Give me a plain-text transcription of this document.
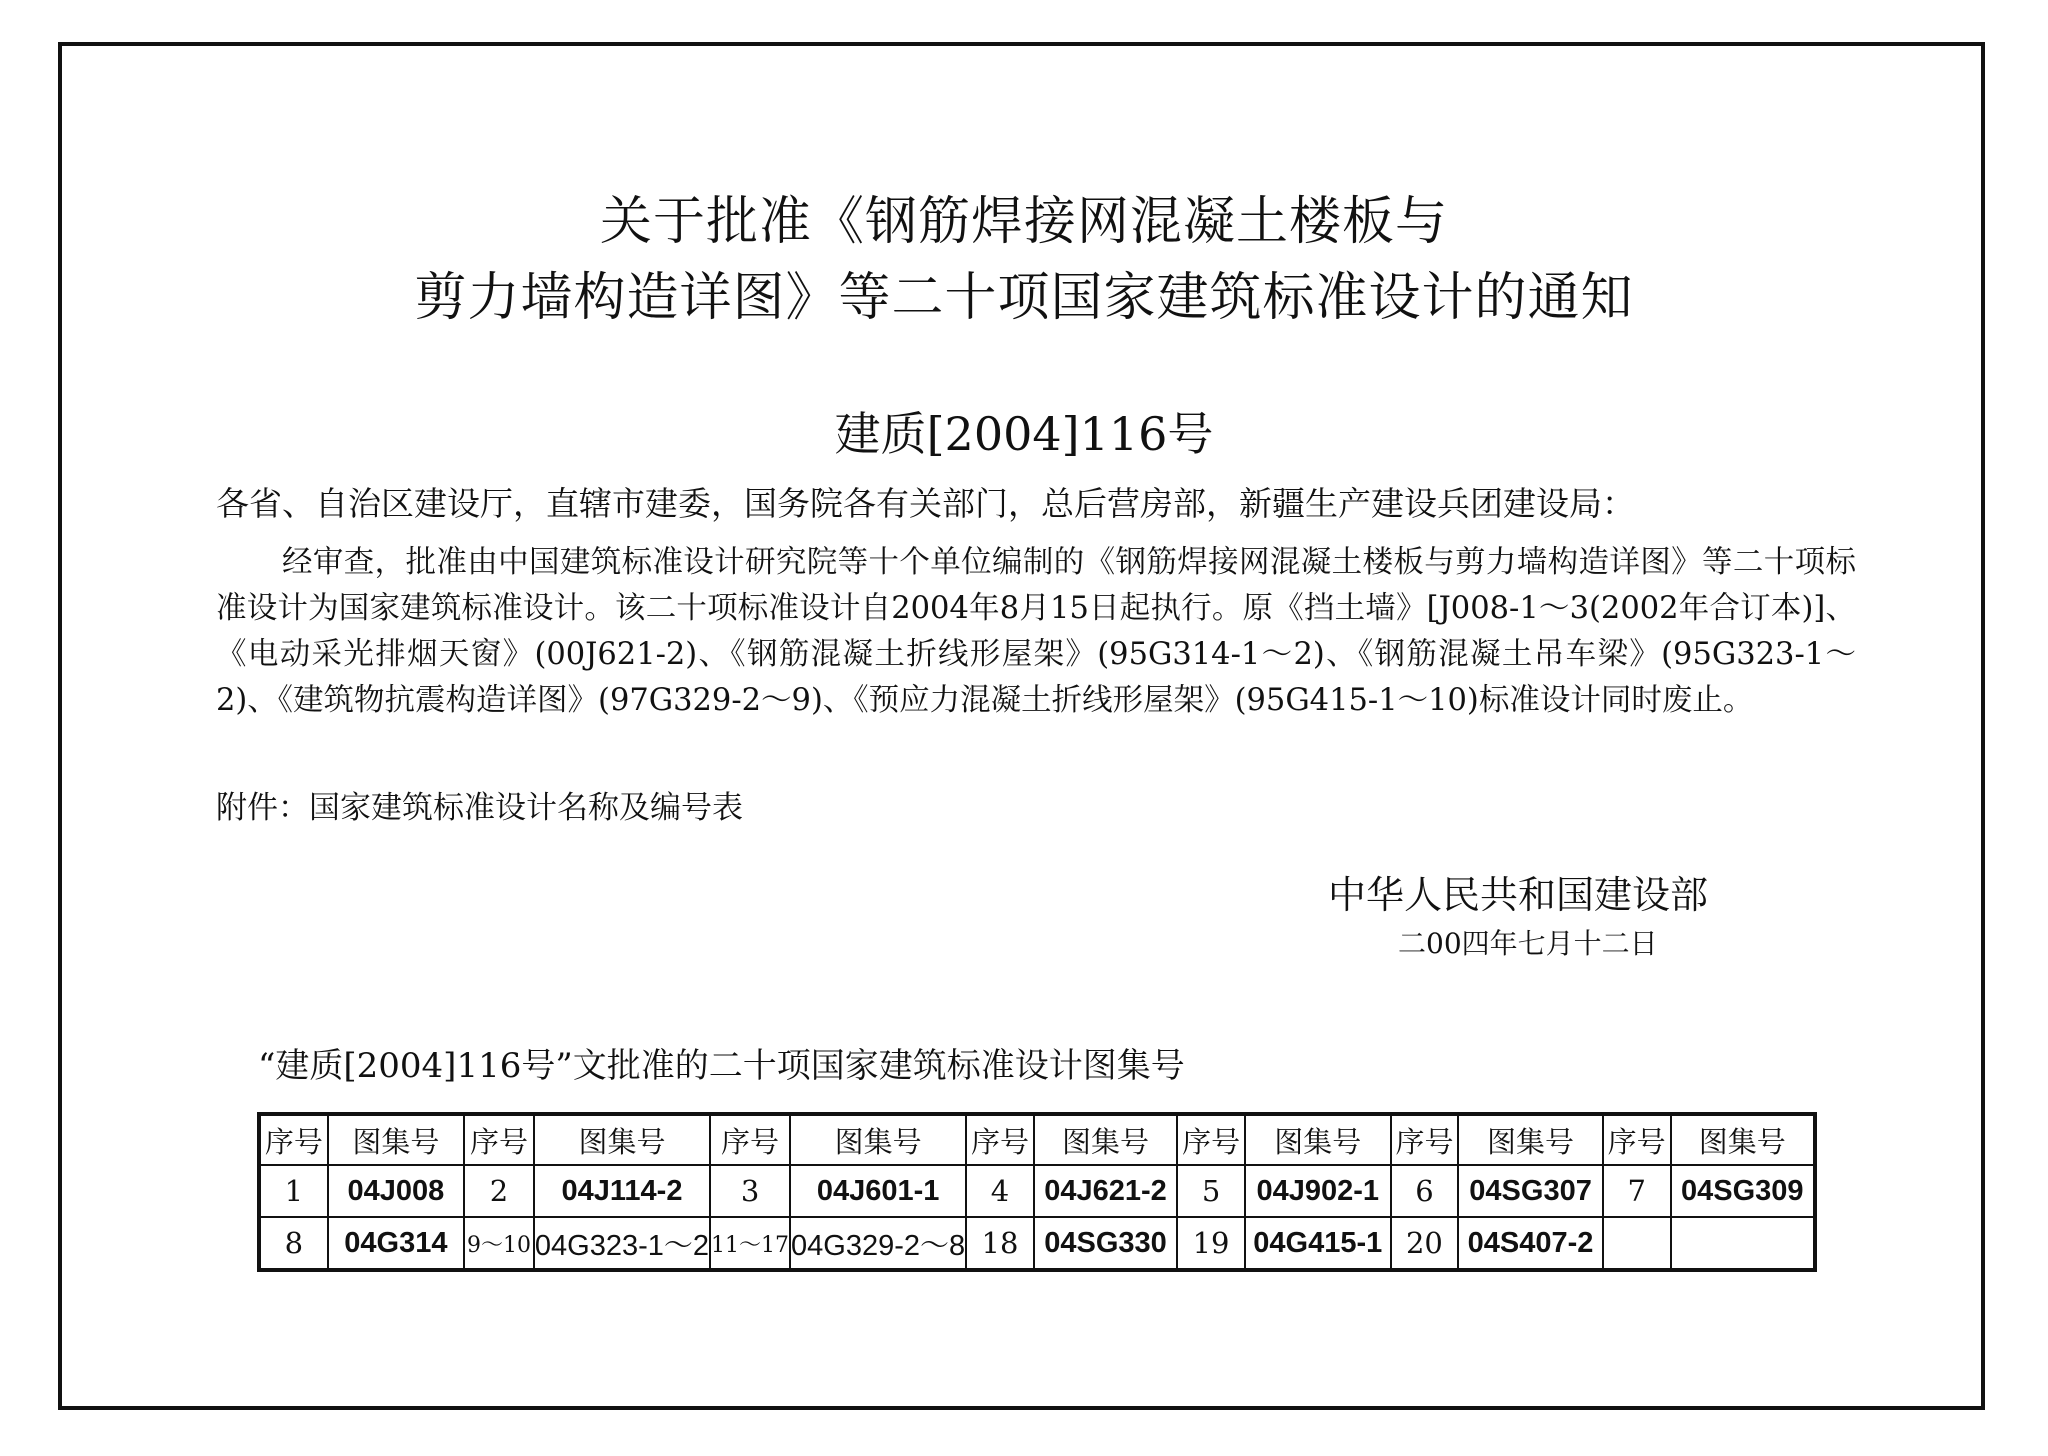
关于批准《钢筋焊接网混凝土楼板与
剪力墙构造详图》等二十项国家建筑标准设计的通知
建质[2004]116号
各省、自治区建设厅，直辖市建委，国务院各有关部门，总后营房部，新疆生产建设兵团建设局：
经审查，批准由中国建筑标准设计研究院等十个单位编制的《钢筋焊接网混凝土楼板与剪力墙构造详图》等二十项标准设计为国家建筑标准设计。该二十项标准设计自2004年8月15日起执行。原《挡土墙》[J008-1～3(2002年合订本)]、《电动采光排烟天窗》(00J621-2)、《钢筋混凝土折线形屋架》(95G314-1～2)、《钢筋混凝土吊车梁》(95G323-1～2)、《建筑物抗震构造详图》(97G329-2～9)、《预应力混凝土折线形屋架》(95G415-1～10)标准设计同时废止。
附件：国家建筑标准设计名称及编号表
中华人民共和国建设部
二00四年七月十二日
“建质[2004]116号”文批准的二十项国家建筑标准设计图集号
序号	图集号	序号	图集号	序号	图集号	序号	图集号	序号	图集号	序号	图集号	序号	图集号
1	04J008	2	04J114-2	3	04J601-1	4	04J621-2	5	04J902-1	6	04SG307	7	04SG309
8	04G314	9～10	04G323-1～2	11～17	04G329-2～8	18	04SG330	19	04G415-1	20	04S407-2		
